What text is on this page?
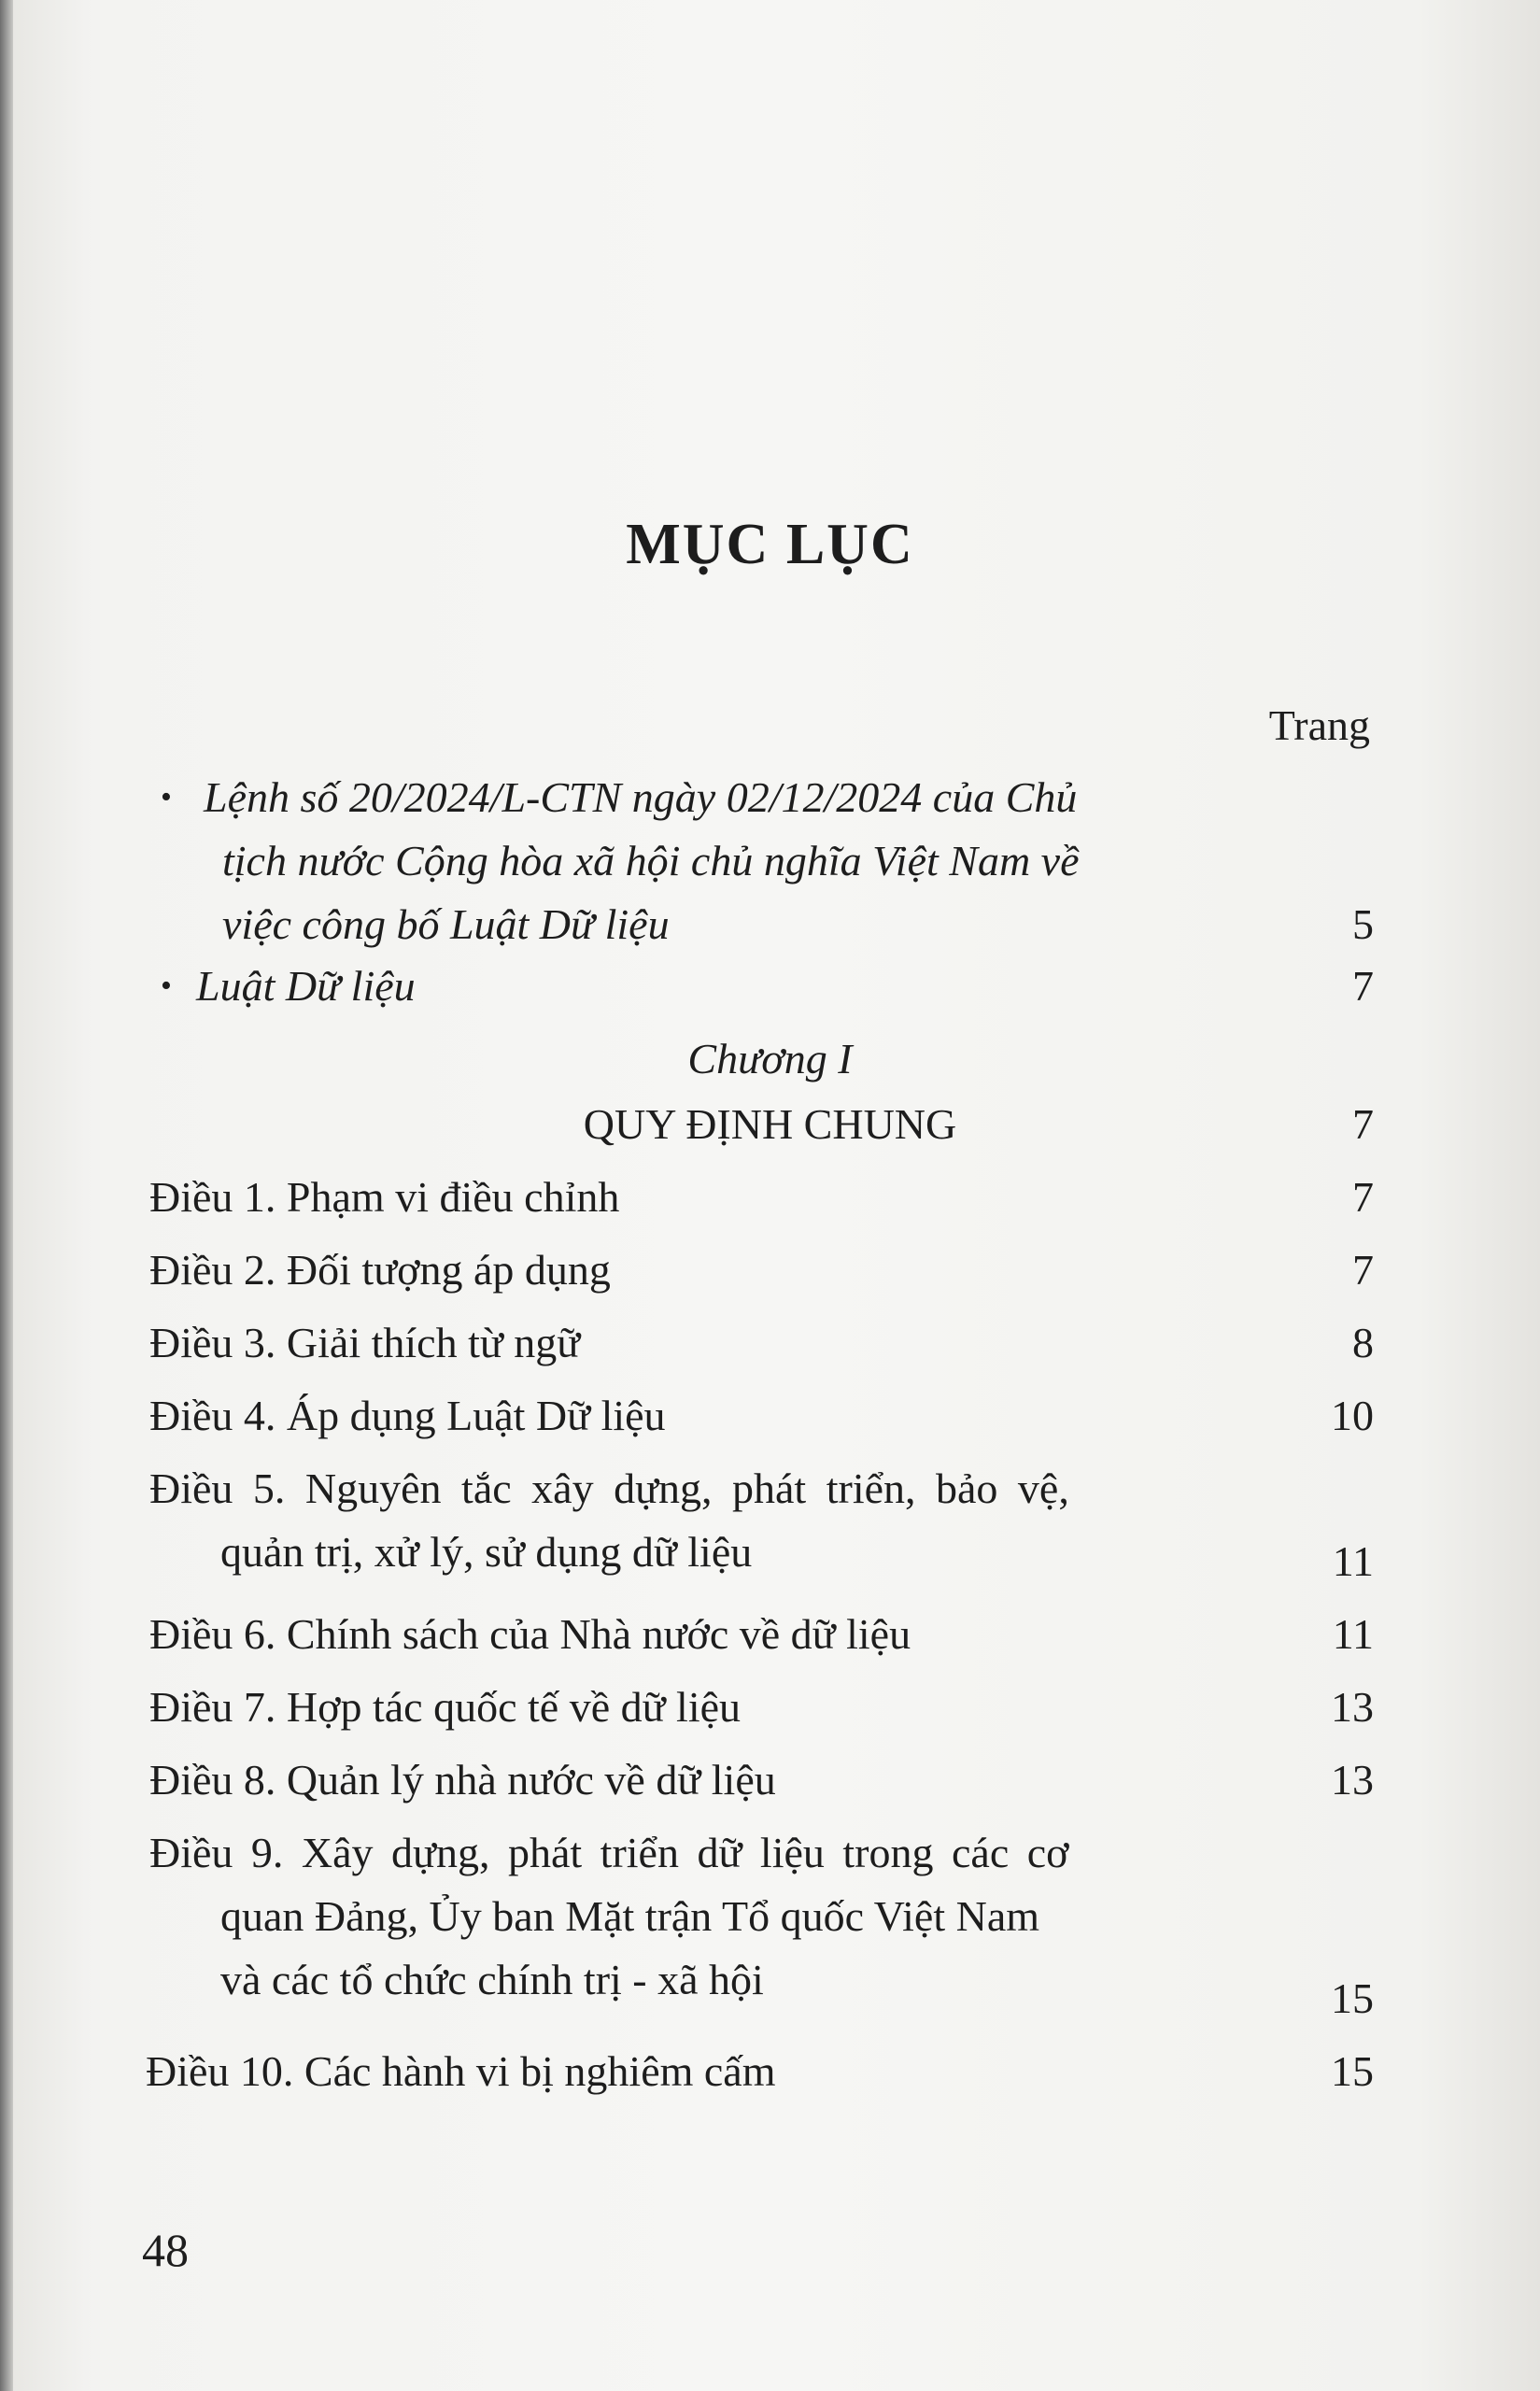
MỤC LỤC
Trang
• Lệnh số 20/2024/L-CTN ngày 02/12/2024 của Chủ
tịch nước Cộng hòa xã hội chủ nghĩa Việt Nam về
việc công bố Luật Dữ liệu	5
• Luật Dữ liệu	7
Chương I
QUY ĐỊNH CHUNG	7
Điều 1. Phạm vi điều chỉnh	7
Điều 2. Đối tượng áp dụng	7
Điều 3. Giải thích từ ngữ	8
Điều 4. Áp dụng Luật Dữ liệu	10
Điều 5. Nguyên tắc xây dựng, phát triển, bảo vệ,
quản trị, xử lý, sử dụng dữ liệu	11
Điều 6. Chính sách của Nhà nước về dữ liệu	11
Điều 7. Hợp tác quốc tế về dữ liệu	13
Điều 8. Quản lý nhà nước về dữ liệu	13
Điều 9. Xây dựng, phát triển dữ liệu trong các cơ
quan Đảng, Ủy ban Mặt trận Tổ quốc Việt Nam
và các tổ chức chính trị - xã hội	15
Điều 10. Các hành vi bị nghiêm cấm	15
48
